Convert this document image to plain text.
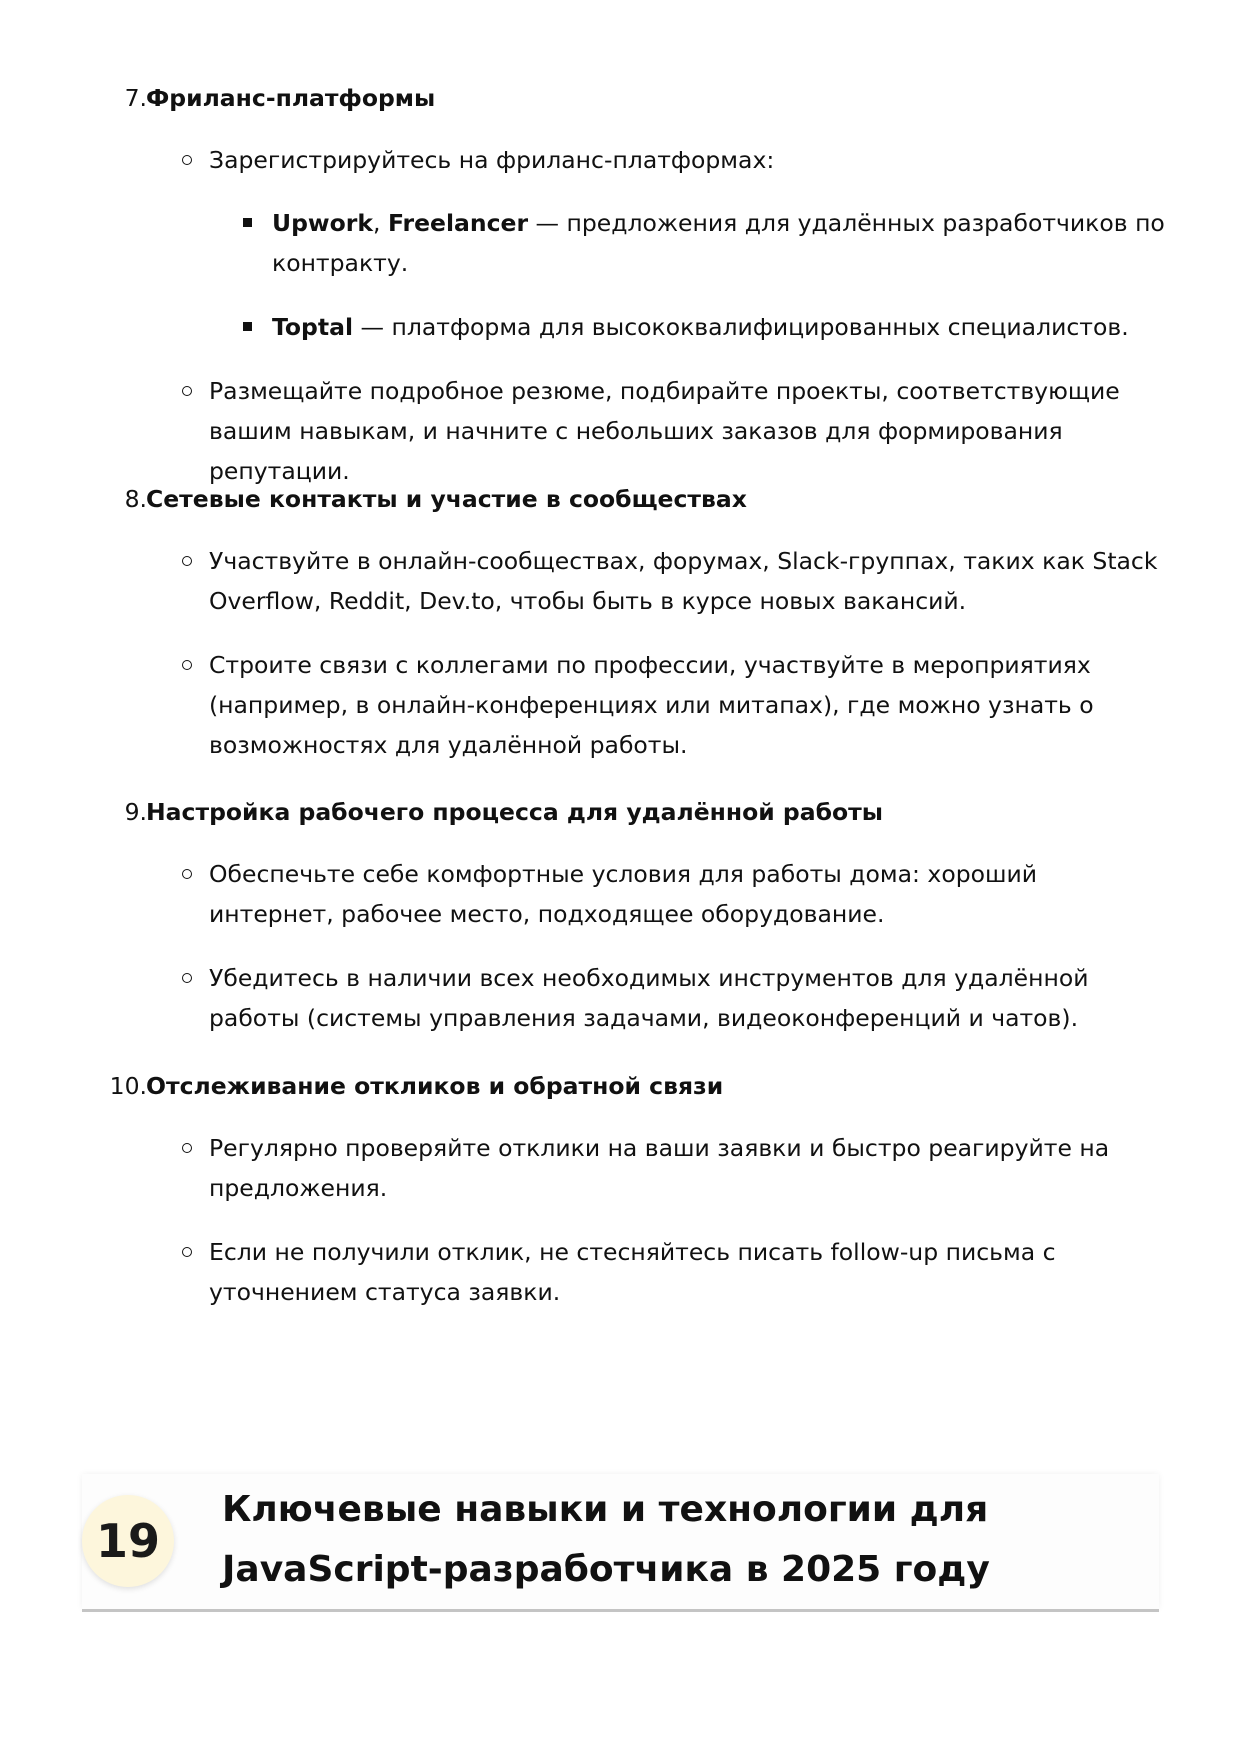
7. Фриланс-платформы
Зарегистрируйтесь на фриланс-платформах:
Upwork, Freelancer — предложения для удалённых разработчиков по контракту.
Toptal — платформа для высококвалифицированных специалистов.
Размещайте подробное резюме, подбирайте проекты, соответствующие вашим навыкам, и начните с небольших заказов для формирования репутации.
8. Сетевые контакты и участие в сообществах
Участвуйте в онлайн-сообществах, форумах, Slack-группах, таких как Stack Overflow, Reddit, Dev.to, чтобы быть в курсе новых вакансий.
Строите связи с коллегами по профессии, участвуйте в мероприятиях (например, в онлайн-конференциях или митапах), где можно узнать о возможностях для удалённой работы.
9. Настройка рабочего процесса для удалённой работы
Обеспечьте себе комфортные условия для работы дома: хороший интернет, рабочее место, подходящее оборудование.
Убедитесь в наличии всех необходимых инструментов для удалённой работы (системы управления задачами, видеоконференций и чатов).
10. Отслеживание откликов и обратной связи
Регулярно проверяйте отклики на ваши заявки и быстро реагируйте на предложения.
Если не получили отклик, не стесняйтесь писать follow-up письма с уточнением статуса заявки.
19
Ключевые навыки и технологии для JavaScript-разработчика в 2025 году
